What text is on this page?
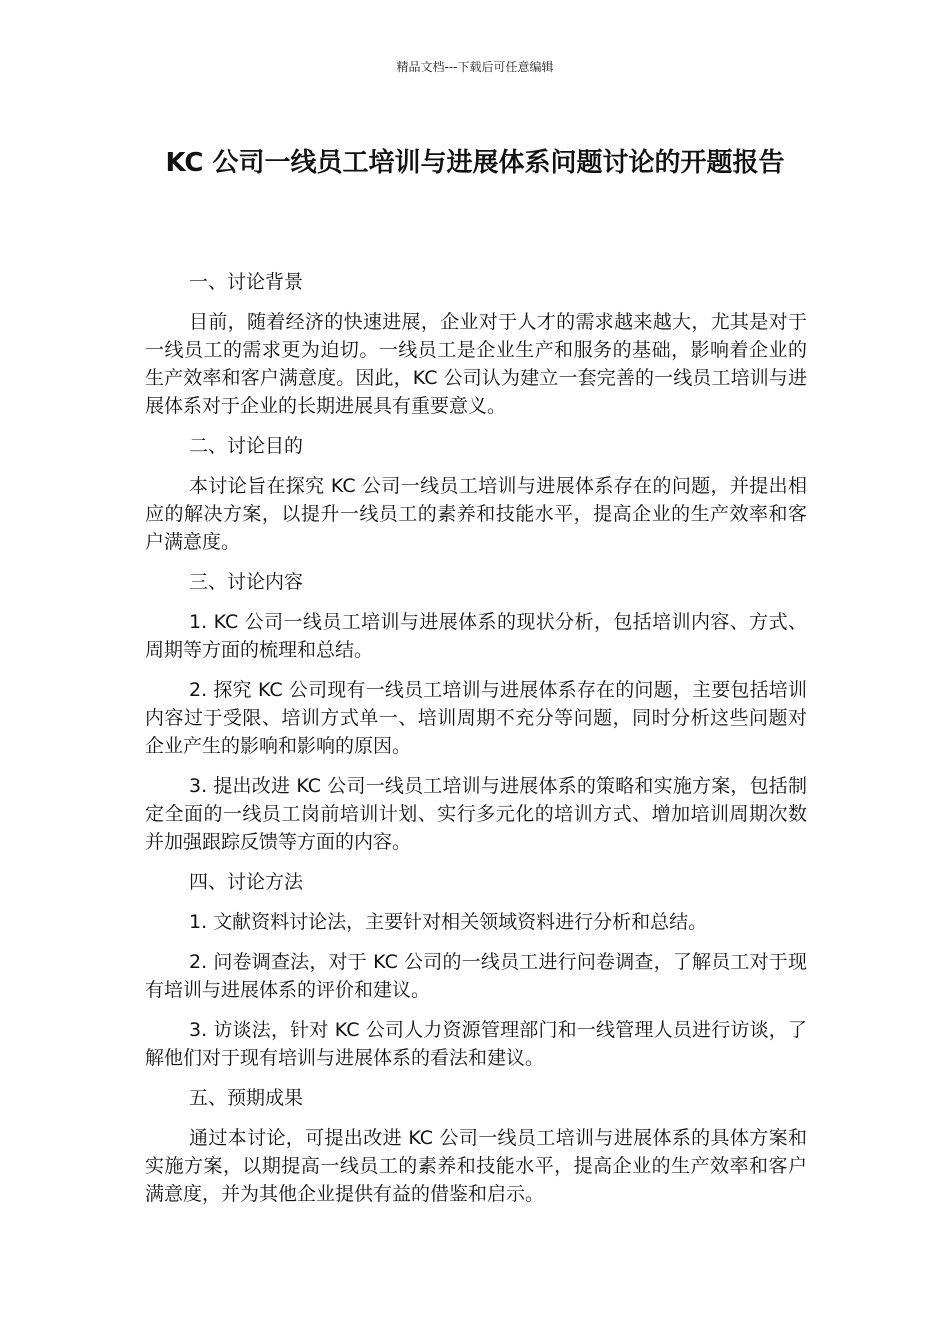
精品文档---下载后可任意编辑
KC 公司一线员工培训与进展体系问题讨论的开题报告

一、讨论背景

目前，随着经济的快速进展，企业对于人才的需求越来越大，尤其是对于一线员工的需求更为迫切。一线员工是企业生产和服务的基础，影响着企业的生产效率和客户满意度。因此，KC 公司认为建立一套完善的一线员工培训与进展体系对于企业的长期进展具有重要意义。

二、讨论目的

本讨论旨在探究 KC 公司一线员工培训与进展体系存在的问题，并提出相应的解决方案，以提升一线员工的素养和技能水平，提高企业的生产效率和客户满意度。

三、讨论内容

1. KC 公司一线员工培训与进展体系的现状分析，包括培训内容、方式、周期等方面的梳理和总结。

2. 探究 KC 公司现有一线员工培训与进展体系存在的问题，主要包括培训内容过于受限、培训方式单一、培训周期不充分等问题，同时分析这些问题对企业产生的影响和影响的原因。

3. 提出改进 KC 公司一线员工培训与进展体系的策略和实施方案，包括制定全面的一线员工岗前培训计划、实行多元化的培训方式、增加培训周期次数并加强跟踪反馈等方面的内容。

四、讨论方法

1. 文献资料讨论法，主要针对相关领域资料进行分析和总结。

2. 问卷调查法，对于 KC 公司的一线员工进行问卷调查，了解员工对于现有培训与进展体系的评价和建议。

3. 访谈法，针对 KC 公司人力资源管理部门和一线管理人员进行访谈，了解他们对于现有培训与进展体系的看法和建议。

五、预期成果

通过本讨论，可提出改进 KC 公司一线员工培训与进展体系的具体方案和实施方案，以期提高一线员工的素养和技能水平，提高企业的生产效率和客户满意度，并为其他企业提供有益的借鉴和启示。
